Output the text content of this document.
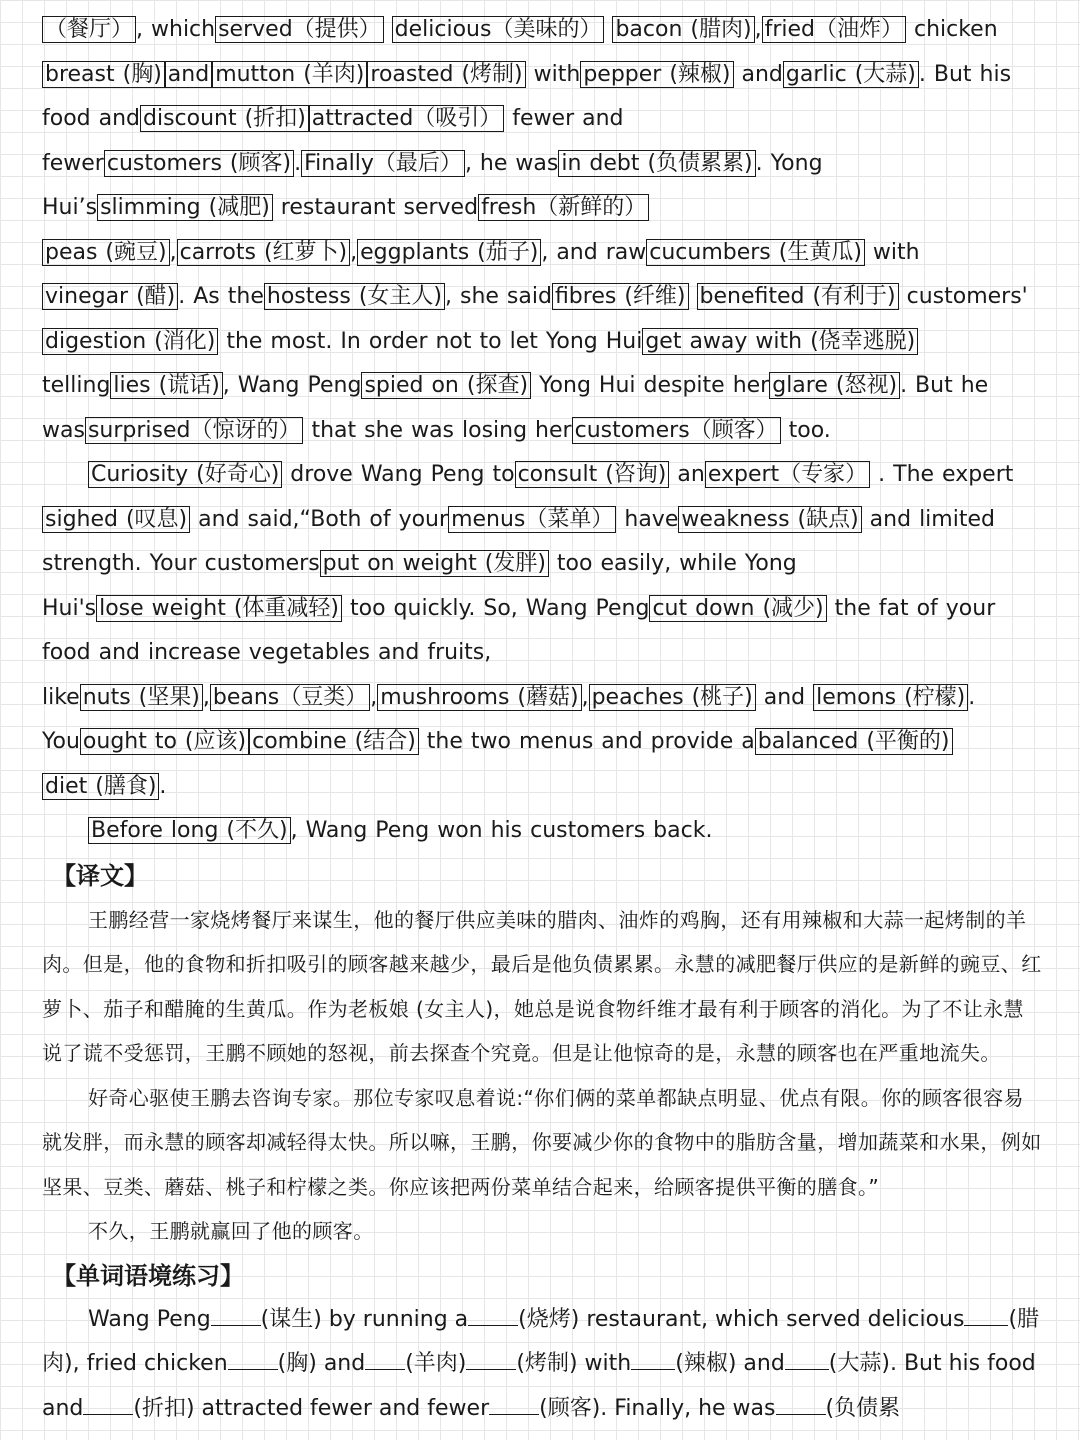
（餐厅） , which served（提供） delicious（美味的） bacon (腊肉) , fried（油炸） chicken breast (胸) and mutton (羊肉) roasted (烤制) with pepper (辣椒) and garlic (大蒜) . But his food and discount (折扣) attracted（吸引） fewer and fewer customers (顾客) . Finally（最后） , he was in debt (负债累累) . Yong Hui’s slimming (减肥) restaurant served fresh（新鲜的） peas (豌豆) , carrots (红萝卜) , eggplants (茄子) , and raw cucumbers (生黄瓜) with vinegar (醋) . As the hostess (女主人) , she said fibres (纤维) benefited (有利于) customers' digestion (消化) the most. In order not to let Yong Hui get away with (侥幸逃脱) telling lies (谎话) , Wang Peng spied on (探查) Yong Hui despite her glare (怒视) . But he was surprised（惊讶的） that she was losing her customers（顾客） too.

Curiosity (好奇心) drove Wang Peng to consult (咨询) an expert（专家） . The expert sighed (叹息) and said,“Both of your menus（菜单） have weakness (缺点) and limited strength. Your customers put on weight (发胖) too easily, while Yong Hui's lose weight (体重减轻) too quickly. So, Wang Peng cut down (减少) the fat of your food and increase vegetables and fruits, like nuts (坚果) , beans（豆类） , mushrooms (蘑菇) , peaches (桃子) and lemons (柠檬) . You ought to (应该) combine (结合) the two menus and provide a balanced (平衡的) diet (膳食) .

Before long (不久) , Wang Peng won his customers back.

【译文】

王鹏经营一家烧烤餐厅来谋生，他的餐厅供应美味的腊肉、油炸的鸡胸，还有用辣椒和大蒜一起烤制的羊肉。但是，他的食物和折扣吸引的顾客越来越少，最后是他负债累累。永慧的减肥餐厅供应的是新鲜的豌豆、红萝卜、茄子和醋腌的生黄瓜。作为老板娘 (女主人)，她总是说食物纤维才最有利于顾客的消化。为了不让永慧说了谎不受惩罚，王鹏不顾她的怒视，前去探查个究竟。但是让他惊奇的是，永慧的顾客也在严重地流失。

好奇心驱使王鹏去咨询专家。那位专家叹息着说:“你们俩的菜单都缺点明显、优点有限。你的顾客很容易就发胖，而永慧的顾客却减轻得太快。所以嘛，王鹏，你要减少你的食物中的脂肪含量，增加蔬菜和水果，例如坚果、豆类、蘑菇、桃子和柠檬之类。你应该把两份菜单结合起来，给顾客提供平衡的膳食。”

不久，王鹏就赢回了他的顾客。

【单词语境练习】

Wang Peng (谋生) by running a (烧烤) restaurant, which served delicious (腊肉), fried chicken (胸) and (羊肉) (烤制) with (辣椒) and (大蒜). But his food and (折扣) attracted fewer and fewer (顾客). Finally, he was (负债累
